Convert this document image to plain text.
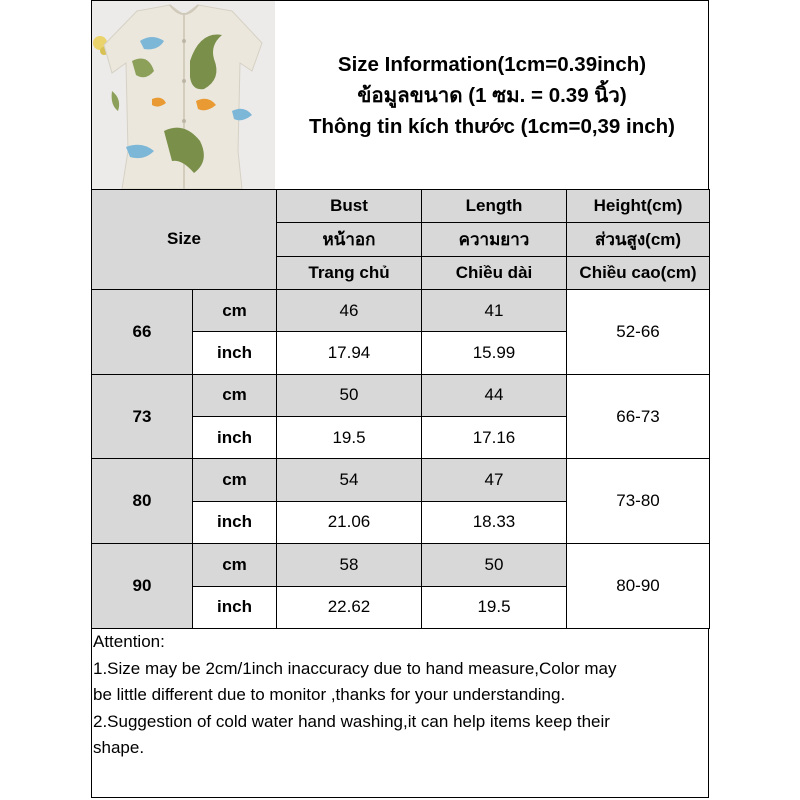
Size Information(1cm=0.39inch)
ข้อมูลขนาด (1 ซม. = 0.39 นิ้ว)
Thông tin kích thước (1cm=0,39 inch)
Size		Bust	Length	Height(cm)
		หน้าอก	ความยาว	ส่วนสูง(cm)
		Trang chủ	Chiều dài	Chiều cao(cm)
66	cm	46	41	52-66
	inch	17.94	15.99	
73	cm	50	44	66-73
	inch	19.5	17.16	
80	cm	54	47	73-80
	inch	21.06	18.33	
90	cm	58	50	80-90
	inch	22.62	19.5	
Attention:
1.Size may be 2cm/1inch inaccuracy due to hand measure,Color may
be little different due to monitor ,thanks for your understanding.
2.Suggestion of cold water hand washing,it can help items keep their
shape.
